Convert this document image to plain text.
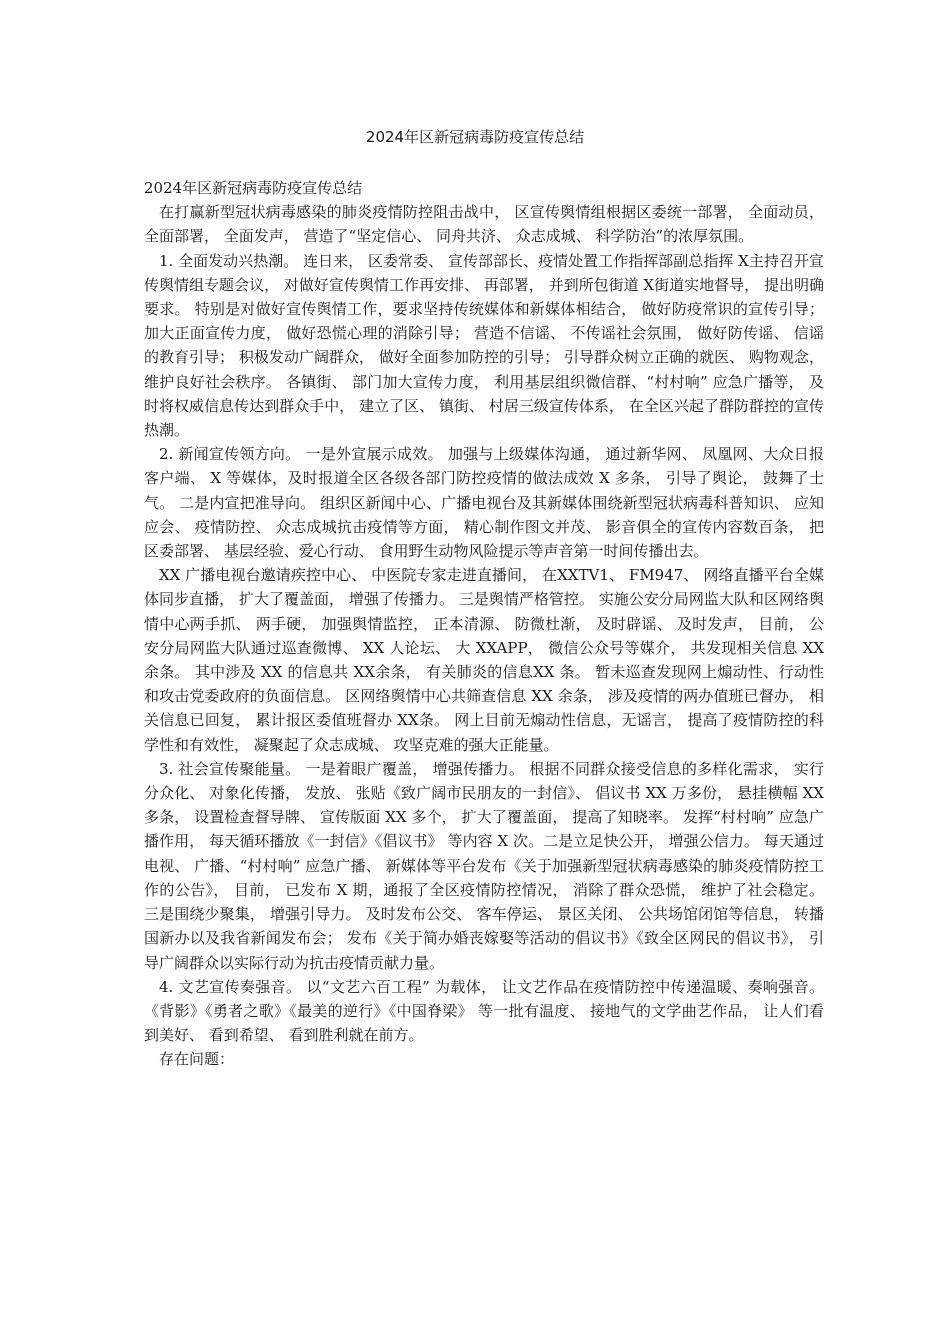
2024年区新冠病毒防疫宣传总结

2024年区新冠病毒防疫宣传总结

在打赢新型冠状病毒感染的肺炎疫情防控阻击战中， 区宣传舆情组根据区委统一部署， 全面动员， 全面部署， 全面发声， 营造了“坚定信心、 同舟共济、 众志成城、 科学防治”的浓厚氛围。

1. 全面发动兴热潮。 连日来， 区委常委、 宣传部部长、疫情处置工作指挥部副总指挥 X主持召开宣传舆情组专题会议， 对做好宣传舆情工作再安排、 再部署， 并到所包街道 X街道实地督导， 提出明确要求。 特别是对做好宣传舆情工作，要求坚持传统媒体和新媒体相结合， 做好防疫常识的宣传引导； 加大正面宣传力度， 做好恐慌心理的消除引导； 营造不信谣、 不传谣社会氛围， 做好防传谣、 信谣的教育引导； 积极发动广阔群众， 做好全面参加防控的引导； 引导群众树立正确的就医、 购物观念， 维护良好社会秩序。 各镇街、 部门加大宣传力度， 利用基层组织微信群、“村村响” 应急广播等， 及时将权威信息传达到群众手中， 建立了区、 镇街、 村居三级宣传体系， 在全区兴起了群防群控的宣传热潮。

2. 新闻宣传领方向。 一是外宣展示成效。 加强与上级媒体沟通， 通过新华网、 凤凰网、大众日报客户端、 X 等媒体，及时报道全区各级各部门防控疫情的做法成效 X 多条， 引导了舆论， 鼓舞了士气。 二是内宣把准导向。 组织区新闻中心、广播电视台及其新媒体围绕新型冠状病毒科普知识、 应知应会、 疫情防控、 众志成城抗击疫情等方面， 精心制作图文并茂、 影音俱全的宣传内容数百条， 把区委部署、 基层经验、爱心行动、 食用野生动物风险提示等声音第一时间传播出去。

XX 广播电视台邀请疾控中心、 中医院专家走进直播间， 在XXTV1、 FM947、 网络直播平台全媒体同步直播， 扩大了覆盖面， 增强了传播力。 三是舆情严格管控。 实施公安分局网监大队和区网络舆情中心两手抓、 两手硬， 加强舆情监控， 正本清源、 防微杜渐， 及时辟谣、 及时发声， 目前， 公安分局网监大队通过巡查微博、 XX 人论坛、 大 XXAPP， 微信公众号等媒介， 共发现相关信息 XX 余条。 其中涉及 XX 的信息共 XX余条， 有关肺炎的信息XX 条。 暂未巡查发现网上煽动性、行动性和攻击党委政府的负面信息。 区网络舆情中心共筛查信息 XX 余条， 涉及疫情的两办值班已督办， 相关信息已回复， 累计报区委值班督办 XX条。 网上目前无煽动性信息，无谣言， 提高了疫情防控的科学性和有效性， 凝聚起了众志成城、 攻坚克难的强大正能量。

3. 社会宣传聚能量。 一是着眼广覆盖， 增强传播力。 根据不同群众接受信息的多样化需求， 实行分众化、 对象化传播， 发放、 张贴《致广阔市民朋友的一封信》、 倡议书 XX 万多份， 悬挂横幅 XX 多条， 设置检查督导牌、 宣传版面 XX 多个， 扩大了覆盖面， 提高了知晓率。 发挥“村村响” 应急广播作用， 每天循环播放《一封信》《倡议书》 等内容 X 次。二是立足快公开， 增强公信力。 每天通过电视、 广播、“村村响” 应急广播、 新媒体等平台发布《关于加强新型冠状病毒感染的肺炎疫情防控工作的公告》， 目前， 已发布 X 期，通报了全区疫情防控情况， 消除了群众恐慌， 维护了社会稳定。 三是围绕少聚集， 增强引导力。 及时发布公交、 客车停运、 景区关闭、 公共场馆闭馆等信息， 转播国新办以及我省新闻发布会； 发布《关于简办婚丧嫁娶等活动的倡议书》《致全区网民的倡议书》， 引导广阔群众以实际行动为抗击疫情贡献力量。

4. 文艺宣传奏强音。 以“文艺六百工程” 为载体， 让文艺作品在疫情防控中传递温暖、奏响强音。《背影》《勇者之歌》《最美的逆行》《中国脊梁》 等一批有温度、 接地气的文学曲艺作品， 让人们看到美好、 看到希望、 看到胜利就在前方。

存在问题：
